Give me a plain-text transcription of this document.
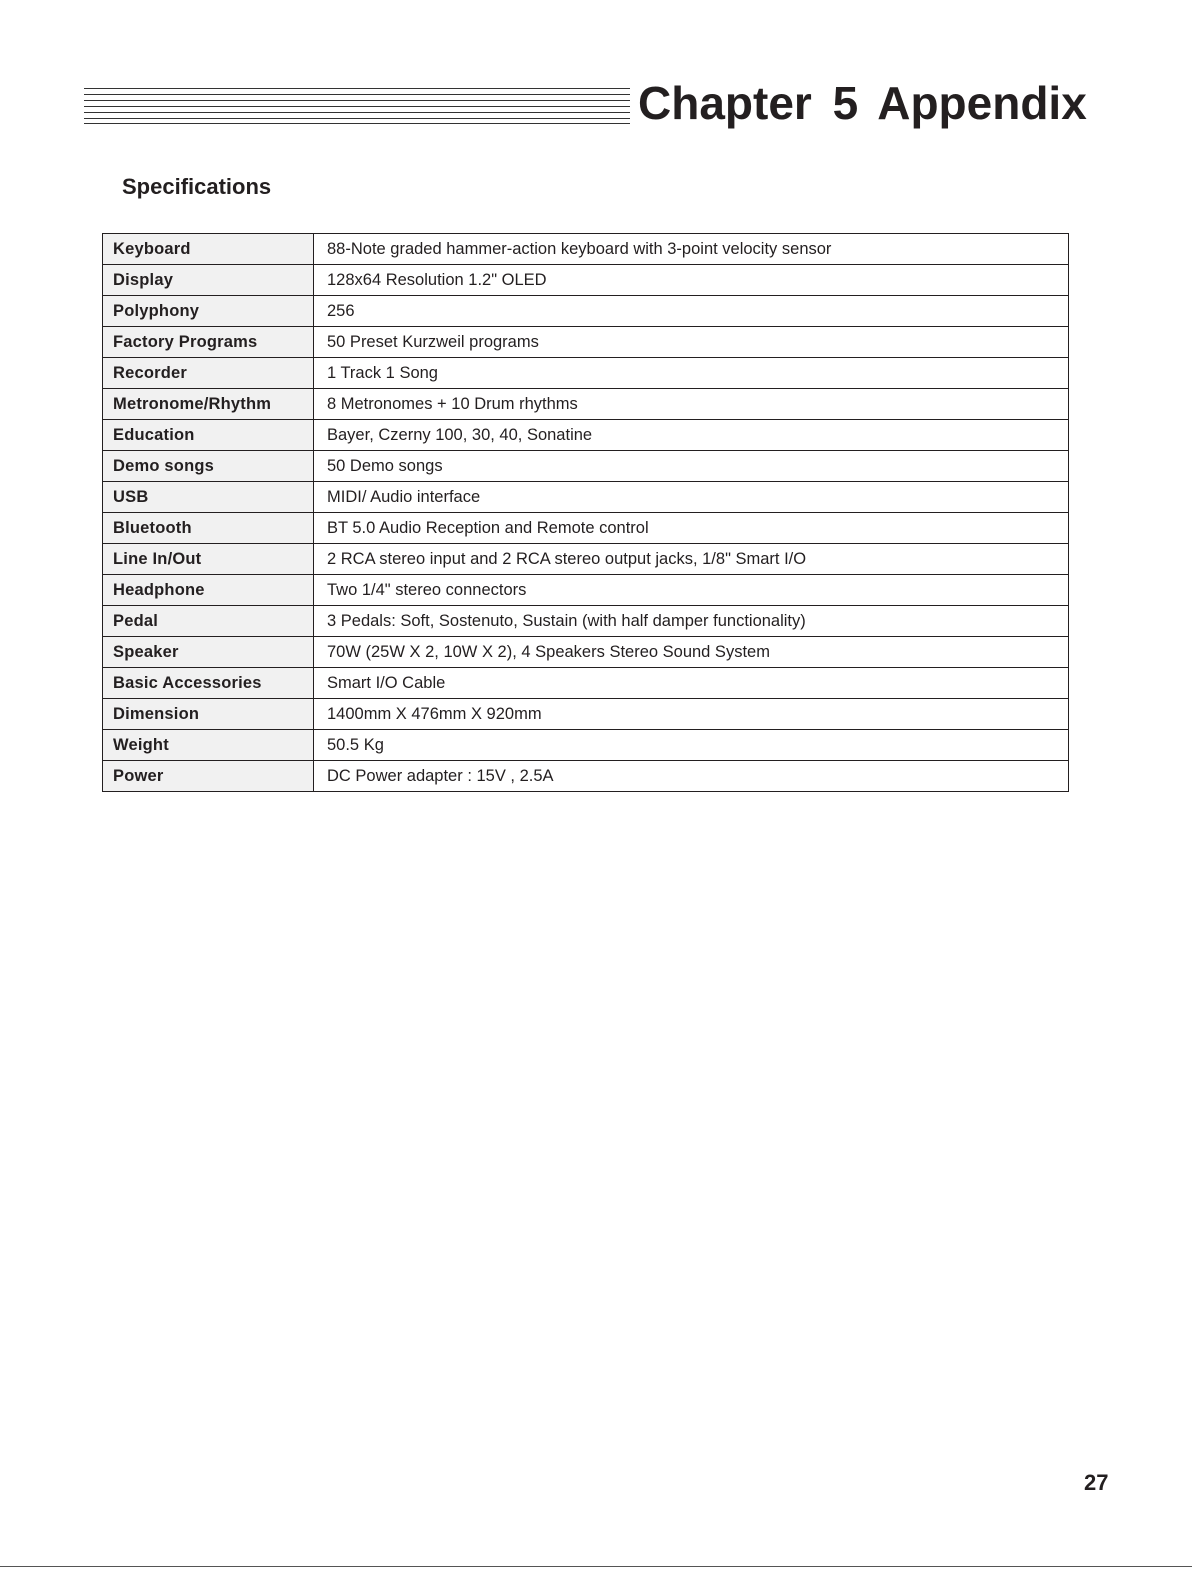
Chapter 5 Appendix
Specifications
Keyboard	88-Note graded hammer-action keyboard with 3-point velocity sensor
Display	128x64 Resolution 1.2" OLED
Polyphony	256
Factory Programs	50 Preset Kurzweil programs
Recorder	1 Track 1 Song
Metronome/Rhythm	8 Metronomes + 10 Drum rhythms
Education	Bayer, Czerny 100, 30, 40, Sonatine
Demo songs	50 Demo songs
USB	MIDI/ Audio interface
Bluetooth	BT 5.0 Audio Reception and Remote control
Line In/Out	2 RCA stereo input and 2 RCA stereo output jacks, 1/8" Smart I/O
Headphone	Two 1/4" stereo connectors
Pedal	3 Pedals: Soft, Sostenuto, Sustain (with half damper functionality)
Speaker	70W (25W X 2, 10W X 2), 4 Speakers Stereo Sound System
Basic Accessories	Smart I/O Cable
Dimension	1400mm X 476mm X 920mm
Weight	50.5 Kg
Power	DC Power adapter : 15V , 2.5A
27
